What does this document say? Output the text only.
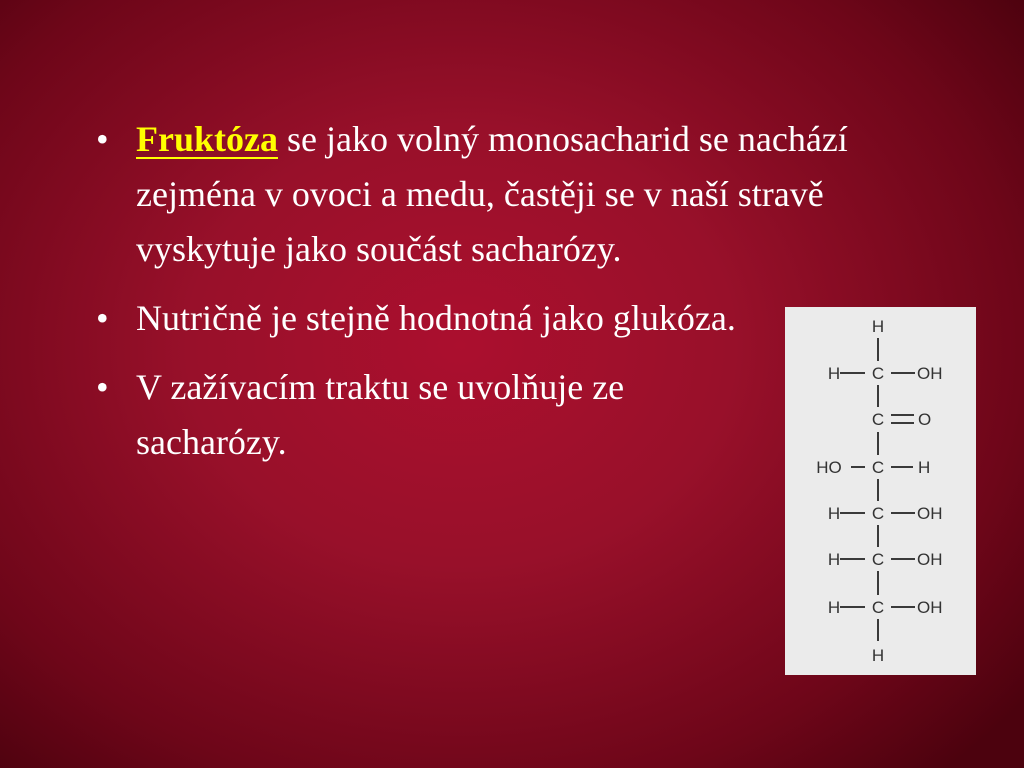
• Fruktóza se jako volný monosacharid se nachází zejména v ovoci a medu, častěji se v naší stravě vyskytuje jako součást sacharózy.
• Nutričně je stejně hodnotná jako glukóza.
• V zažívacím traktu se uvolňuje ze sacharózy.
H
H C OH
C O
HO C H
H C OH
H C OH
H C OH
H
